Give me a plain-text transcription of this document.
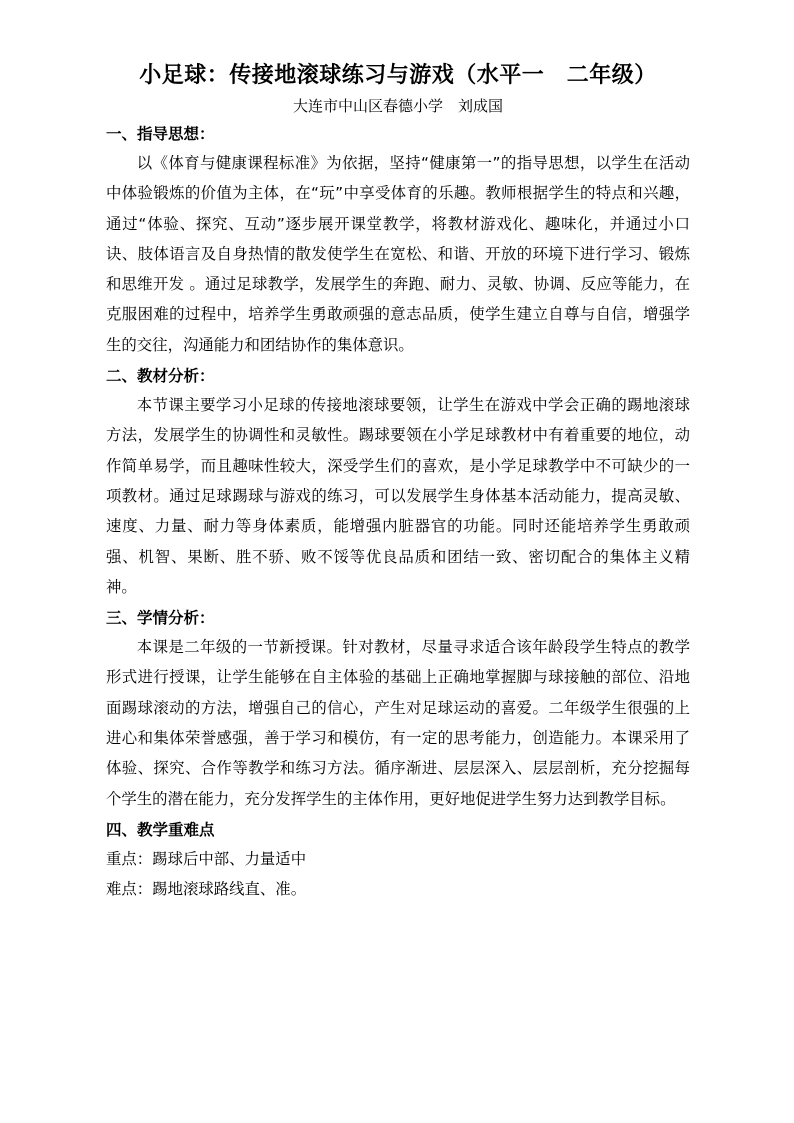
小足球：传接地滚球练习与游戏（水平一　二年级）
大连市中山区春德小学　刘成国
一、指导思想：

以《体育与健康课程标准》为依据，坚持“健康第一”的指导思想，以学生在活动中体验锻炼的价值为主体，在“玩”中享受体育的乐趣。教师根据学生的特点和兴趣，通过“体验、探究、互动”逐步展开课堂教学，将教材游戏化、趣味化，并通过小口诀、肢体语言及自身热情的散发使学生在宽松、和谐、开放的环境下进行学习、锻炼和思维开发 。通过足球教学，发展学生的奔跑、耐力、灵敏、协调、反应等能力，在克服困难的过程中，培养学生勇敢顽强的意志品质，使学生建立自尊与自信，增强学生的交往，沟通能力和团结协作的集体意识。

二、教材分析：

本节课主要学习小足球的传接地滚球要领，让学生在游戏中学会正确的踢地滚球方法，发展学生的协调性和灵敏性。踢球要领在小学足球教材中有着重要的地位，动作简单易学，而且趣味性较大，深受学生们的喜欢，是小学足球教学中不可缺少的一项教材。通过足球踢球与游戏的练习，可以发展学生身体基本活动能力，提高灵敏、速度、力量、耐力等身体素质，能增强内脏器官的功能。同时还能培养学生勇敢顽强、机智、果断、胜不骄、败不馁等优良品质和团结一致、密切配合的集体主义精神。

三、学情分析：

本课是二年级的一节新授课。针对教材，尽量寻求适合该年龄段学生特点的教学形式进行授课，让学生能够在自主体验的基础上正确地掌握脚与球接触的部位、沿地面踢球滚动的方法，增强自己的信心，产生对足球运动的喜爱。二年级学生很强的上进心和集体荣誉感强，善于学习和模仿，有一定的思考能力，创造能力。本课采用了体验、探究、合作等教学和练习方法。循序渐进、层层深入、层层剖析，充分挖掘每个学生的潜在能力，充分发挥学生的主体作用，更好地促进学生努力达到教学目标。

四、教学重难点
重点：踢球后中部、力量适中
难点：踢地滚球路线直、准。
